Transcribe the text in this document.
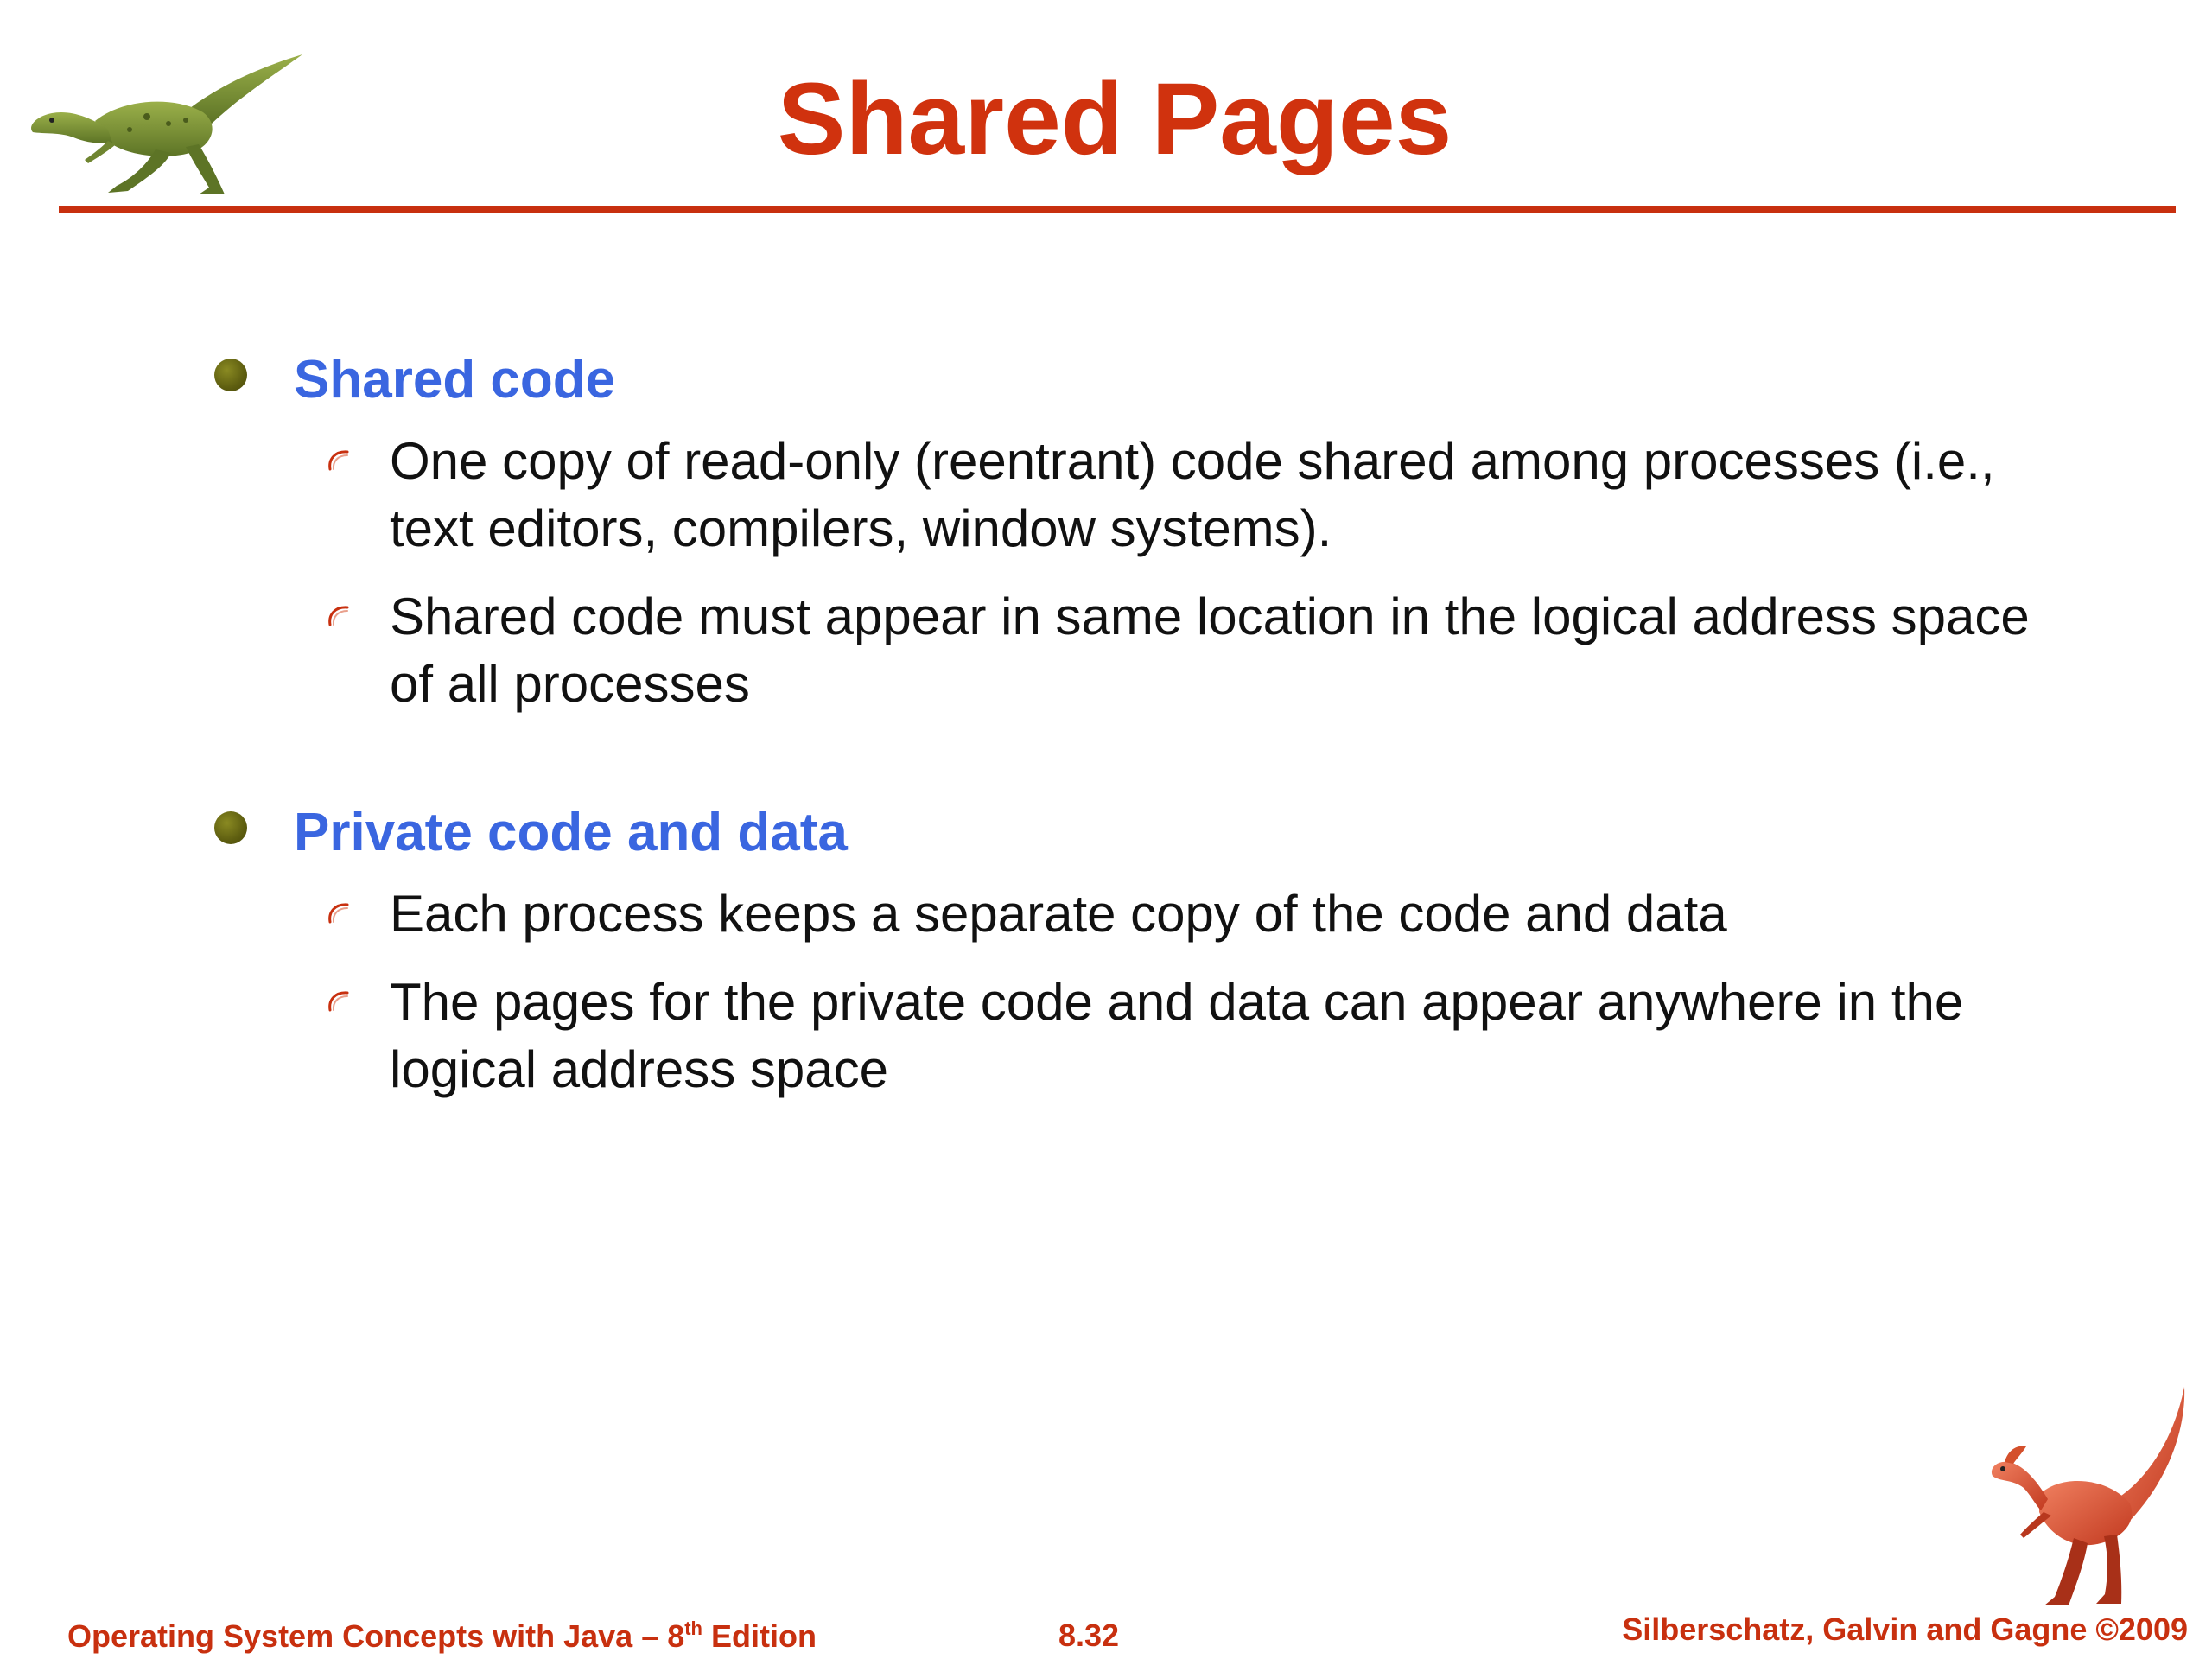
Shared Pages
Shared code
One copy of read-only (reentrant) code shared among processes (i.e., text editors, compilers, window systems).
Shared code must appear in same location in the logical address space of all processes
Private code and data
Each process keeps a separate copy of the code and data
The pages for the private code and data can appear anywhere in the logical address space
Operating System Concepts with Java – 8th Edition	8.32	Silberschatz, Galvin and Gagne ©2009
